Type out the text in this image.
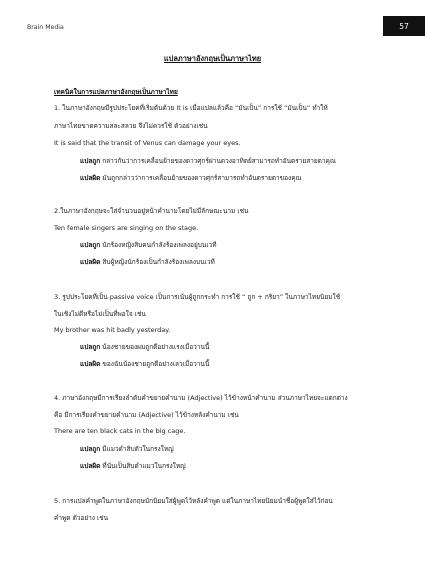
Brain Media	57
แปลภาษาอังกฤษเป็นภาษาไทย
เทคนิคในการแปลภาษาอังกฤษเป็นภาษาไทย
1. ในภาษาอังกฤษมีรูปประโยคที่เริ่มต้นด้วย It is เมื่อแปลแล้วคือ “มันเป็น” การใช้ “มันเป็น” ทำให้
ภาษาไทยขาดความสละสลวย จึงไม่ควรใช้ ตัวอย่างเช่น
It is said that the transit of Venus can damage your eyes.
แปลถูก กล่าวกันว่าการเคลื่อนย้ายของดาวศุกร์ผ่านดวงอาทิตย์สามารถทำอันตรายสายตาคุณ
แปลผิด มันถูกกล่าวว่าการเคลื่อนย้ายของดาวศุกร์สามารถทำอันตรายตาของคุณ
2.ในภาษาอังกฤษจะใส่จำนวนอยู่หน้าคำนามโดยไม่มีลักษณะนาม เช่น
Ten female singers are singing on the stage.
แปลถูก นักร้องหญิงสิบคนกำลังร้องเพลงอยู่บนเวที
แปลผิด สิบผู้หญิงนักร้องเป็นกำลังร้องเพลงบนเวที
3. รูปประโยคที่เป็น passive voice เป็นการเน้นผู้ถูกกระทำ การใช้ “ ถูก + กริยา” ในภาษาไทยนิยมใช้
ในเชิงไม่ดีหรือไม่เป็นที่พอใจ เช่น
My brother was hit badly yesterday.
แปลถูก น้องชายของผมถูกตีอย่างแรงเมื่อวานนี้
แปลผิด ของฉันน้องชายถูกตีอย่างเลวเมื่อวานนี้
4. ภาษาอังกฤษมีการเรียงลำดับคำขยายคำนาม (Adjective) ไว้ข้างหน้าคำนาม ส่วนภาษาไทยจะแตกต่าง
คือ มีการเรียงคำขยายคำนาม (Adjective) ไว้ข้างหลังคำนาม เช่น
There are ten black cats in the big cage.
แปลถูก มีแมวดำสิบตัวในกรงใหญ่
แปลผิด ที่นั่นเป็นสิบดำแมวในกรงใหญ่
5. การแปลคำพูดในภาษาอังกฤษมักนิยมใส่ผู้พูดไว้หลังคำพูด แต่ในภาษาไทยนิยมนำชื่อผู้พูดใส่ไว้ก่อน
คำพูด ตัวอย่าง เช่น
